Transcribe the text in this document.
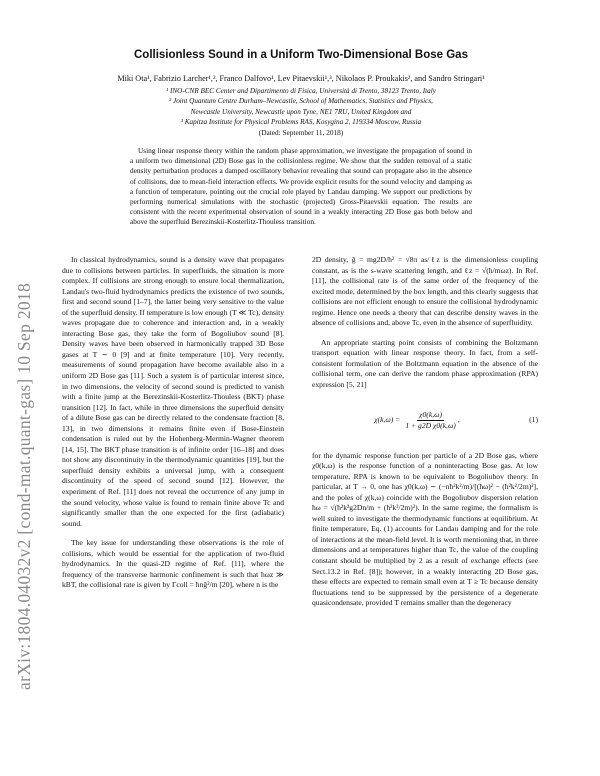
arXiv:1804.04032v2 [cond-mat.quant-gas] 10 Sep 2018
Collisionless Sound in a Uniform Two-Dimensional Bose Gas
Miki Ota¹, Fabrizio Larcher¹,², Franco Dalfovo¹, Lev Pitaevskii¹,³, Nikolaos P. Proukakis², and Sandro Stringari¹
¹ INO-CNR BEC Center and Dipartimento di Fisica, Università di Trento, 38123 Trento, Italy
² Joint Quantum Centre Durham–Newcastle, School of Mathematics, Statistics and Physics,
Newcastle University, Newcastle upon Tyne, NE1 7RU, United Kingdom and
³ Kapitza Institute for Physical Problems RAS, Kosygina 2, 119334 Moscow, Russia
(Dated: September 11, 2018)
Using linear response theory within the random phase approximation, we investigate the propagation of sound in a uniform two dimensional (2D) Bose gas in the collisionless regime. We show that the sudden removal of a static density perturbation produces a damped oscillatory behavior revealing that sound can propagate also in the absence of collisions, due to mean-field interaction effects. We provide explicit results for the sound velocity and damping as a function of temperature, pointing out the crucial role played by Landau damping. We support our predictions by performing numerical simulations with the stochastic (projected) Gross-Pitaevskii equation. The results are consistent with the recent experimental observation of sound in a weakly interacting 2D Bose gas both below and above the superfluid Berezinskii-Kosterlitz-Thouless transition.

In classical hydrodynamics, sound is a density wave that propagates due to collisions between particles. In superfluids, the situation is more complex. If collisions are strong enough to ensure local thermalization, Landau's two-fluid hydrodynamics predicts the existence of two sounds, first and second sound [1–7], the latter being very sensitive to the value of the superfluid density. If temperature is low enough (T ≪ Tc), density waves propagate due to coherence and interaction and, in a weakly interacting Bose gas, they take the form of Bogoliubov sound [8]. Density waves have been observed in harmonically trapped 3D Bose gases at T ∼ 0 [9] and at finite temperature [10]. Very recently, measurements of sound propagation have become available also in a uniform 2D Bose gas [11]. Such a system is of particular interest since, in two dimensions, the velocity of second sound is predicted to vanish with a finite jump at the Berezinskii-Kosterlitz-Thouless (BKT) phase transition [12]. In fact, while in three dimensions the superfluid density of a dilute Bose gas can be directly related to the condensate fraction [8, 13], in two dimensions it remains finite even if Bose-Einstein condensation is ruled out by the Hohenberg-Mermin-Wagner theorem [14, 15]. The BKT phase transition is of infinite order [16–18] and does not show any discontinuity in the thermodynamic quantities [19], but the superfluid density exhibits a universal jump, with a consequent discontinuity of the speed of second sound [12]. However, the experiment of Ref. [11] does not reveal the occurrence of any jump in the sound velocity, whose value is found to remain finite above Tc and significantly smaller than the one expected for the first (adiabatic) sound.

The key issue for understanding these observations is the role of collisions, which would be essential for the application of two-fluid hydrodynamics. In the quasi-2D regime of Ref. [11], where the frequency of the transverse harmonic confinement is such that ħωz ≫ kBT, the collisional rate is given by Γcoll = ħnğ²/m [20], where n is the

2D density, ğ = mg2D/ħ² = √8π as/ℓz is the dimensionless coupling constant, as is the s-wave scattering length, and ℓz = √(ħ/mωz). In Ref. [11], the collisional rate is of the same order of the frequency of the excited mode, determined by the box length, and this clearly suggests that collisions are not efficient enough to ensure the collisional hydrodynamic regime. Hence one needs a theory that can describe density waves in the absence of collisions and, above Tc, even in the absence of superfluidity.

An appropriate starting point consists of combining the Boltzmann transport equation with linear response theory. In fact, from a self-consistent formulation of the Boltzmann equation in the absence of the collisional term, one can derive the random phase approximation (RPA) expression [5, 21]

$\chi(k,\omega) = \frac{\chi 0(k,\omega)}{\text{1 + g2D χ0(k,ω)}}$ ,	(1)

for the dynamic response function per particle of a 2D Bose gas, where χ0(k,ω) is the response function of a noninteracting Bose gas. At low temperature, RPA is known to be equivalent to Bogoliubov theory. In particular, at T → 0, one has χ0(k,ω) ∼ (−nħ²k²/m)/[(ħω)² − (ħ²k²/2m)²], and the poles of χ(k,ω) coincide with the Bogoliubov dispersion relation ħω = √(ħ²k²g2Dn/m + (ħ²k²/2m)²). In the same regime, the formalism is well suited to investigate the thermodynamic functions at equilibrium. At finite temperature, Eq. (1) accounts for Landau damping and for the role of interactions at the mean-field level. It is worth mentioning that, in three dimensions and at temperatures higher than Tc, the value of the coupling constant should be multiplied by 2 as a result of exchange effects (see Sect.13.2 in Ref. [8]); however, in a weakly interacting 2D Bose gas, these effects are expected to remain small even at T ≥ Tc because density fluctuations tend to be suppressed by the persistence of a degenerate quasicondensate, provided T remains smaller than the degeneracy
